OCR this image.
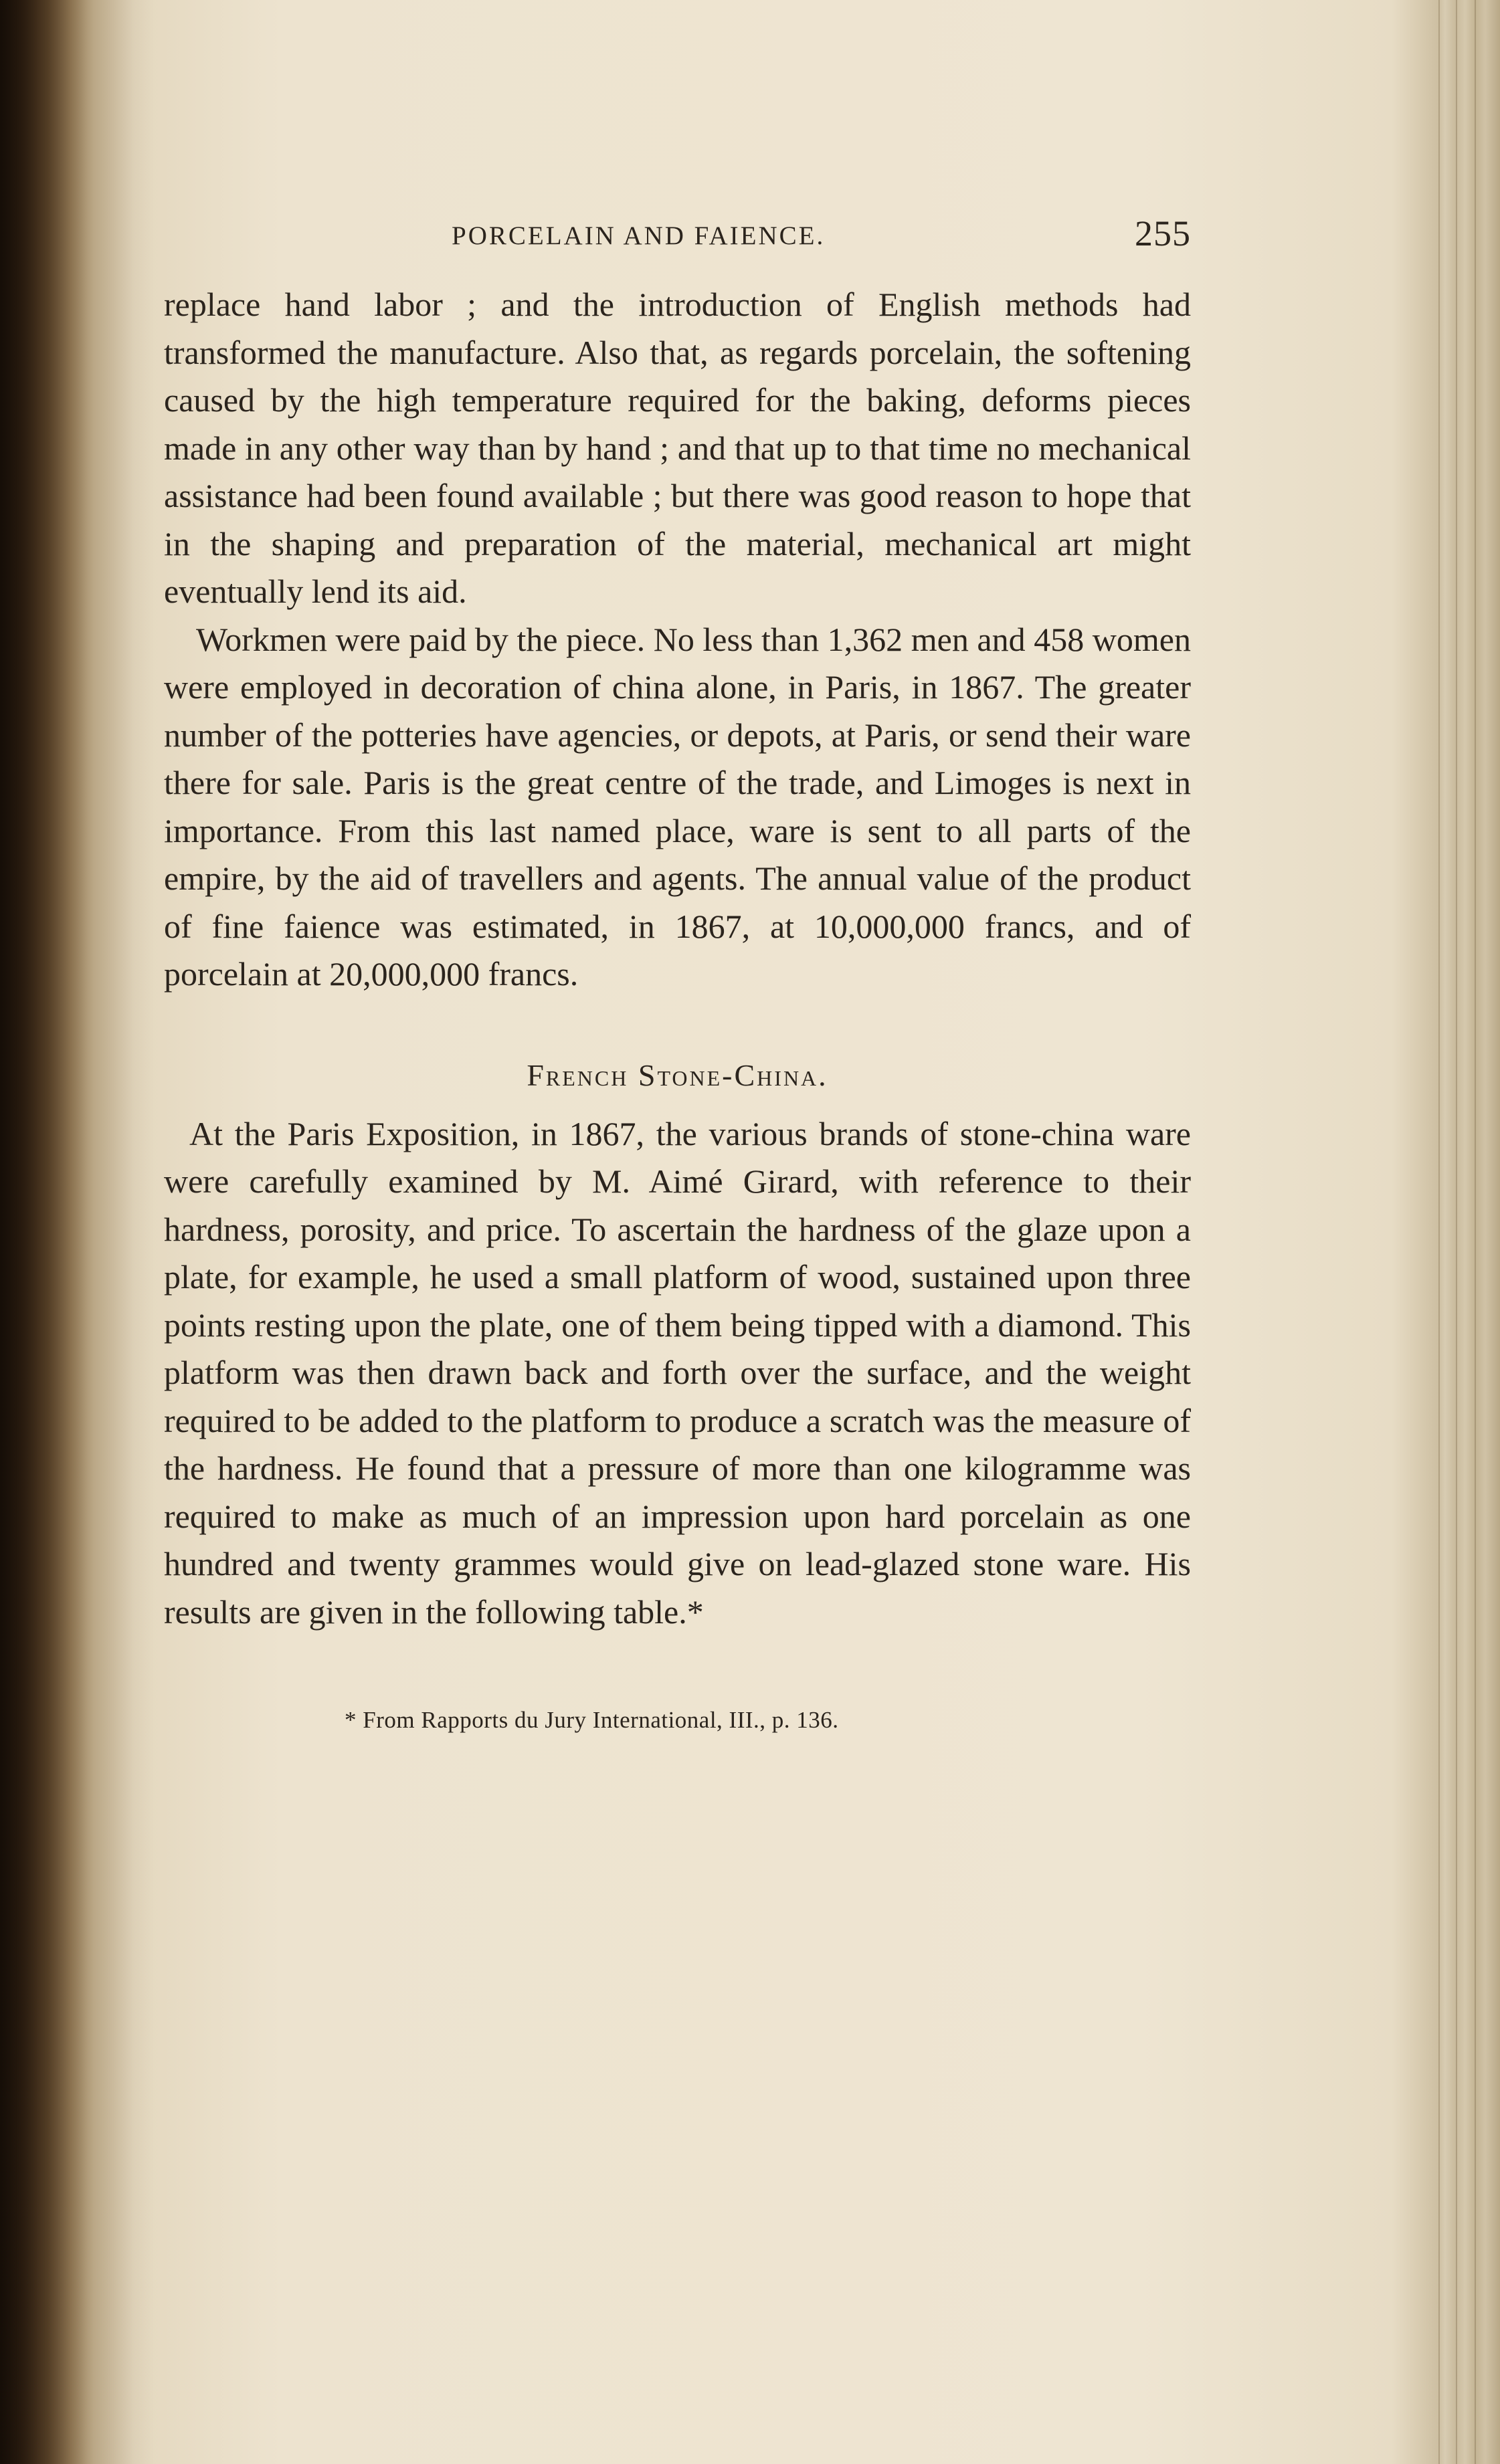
PORCELAIN AND FAIENCE.	255

replace hand labor ; and the introduction of English methods had transformed the manufacture. Also that, as regards porcelain, the softening caused by the high temperature required for the baking, deforms pieces made in any other way than by hand ; and that up to that time no mechanical assistance had been found available ; but there was good reason to hope that in the shaping and preparation of the material, mechanical art might eventually lend its aid.

Workmen were paid by the piece. No less than 1,362 men and 458 women were employed in decoration of china alone, in Paris, in 1867. The greater number of the potteries have agencies, or depots, at Paris, or send their ware there for sale. Paris is the great centre of the trade, and Limoges is next in importance. From this last named place, ware is sent to all parts of the empire, by the aid of travellers and agents. The annual value of the product of fine faience was estimated, in 1867, at 10,000,000 francs, and of porcelain at 20,000,000 francs.

French Stone-China.

At the Paris Exposition, in 1867, the various brands of stone-china ware were carefully examined by M. Aimé Girard, with reference to their hardness, porosity, and price. To ascertain the hardness of the glaze upon a plate, for example, he used a small platform of wood, sustained upon three points resting upon the plate, one of them being tipped with a diamond. This platform was then drawn back and forth over the surface, and the weight required to be added to the platform to produce a scratch was the measure of the hardness. He found that a pressure of more than one kilogramme was required to make as much of an impression upon hard porcelain as one hundred and twenty grammes would give on lead-glazed stone ware. His results are given in the following table.*

* From Rapports du Jury International, III., p. 136.
